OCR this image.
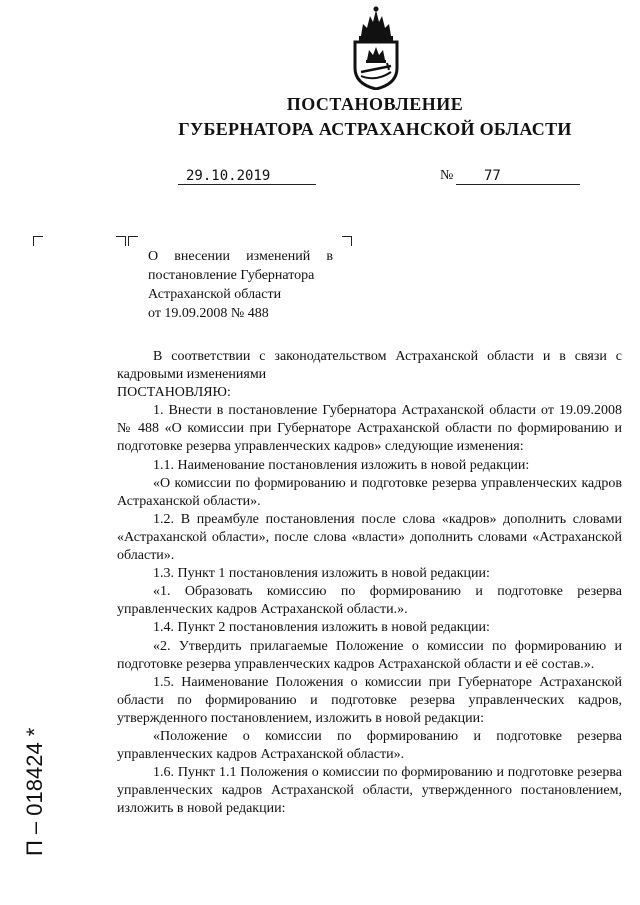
ПОСТАНОВЛЕНИЕ
ГУБЕРНАТОРА АСТРАХАНСКОЙ ОБЛАСТИ
29.10.2019	№	77
О внесении изменений в
постановление Губернатора
Астраханской области
от 19.09.2008 № 488

В соответствии с законодательством Астраханской области и в связи с кадровыми изменениями

ПОСТАНОВЛЯЮ:

1. Внести в постановление Губернатора Астраханской области от 19.09.2008 № 488 «О комиссии при Губернаторе Астраханской области по формированию и подготовке резерва управленческих кадров» следующие изменения:

1.1. Наименование постановления изложить в новой редакции:

«О комиссии по формированию и подготовке резерва управленческих кадров Астраханской области».

1.2. В преамбуле постановления после слова «кадров» дополнить словами «Астраханской области», после слова «власти» дополнить словами «Астраханской области».

1.3. Пункт 1 постановления изложить в новой редакции:

«1. Образовать комиссию по формированию и подготовке резерва управленческих кадров Астраханской области.».

1.4. Пункт 2 постановления изложить в новой редакции:

«2. Утвердить прилагаемые Положение о комиссии по формированию и подготовке резерва управленческих кадров Астраханской области и её состав.».

1.5. Наименование Положения о комиссии при Губернаторе Астраханской области по формированию и подготовке резерва управленческих кадров, утвержденного постановлением, изложить в новой редакции:

«Положение о комиссии по формированию и подготовке резерва управленческих кадров Астраханской области».

1.6. Пункт 1.1 Положения о комиссии по формированию и подготовке резерва управленческих кадров Астраханской области, утвержденного постановлением, изложить в новой редакции:

П – 018424 *
